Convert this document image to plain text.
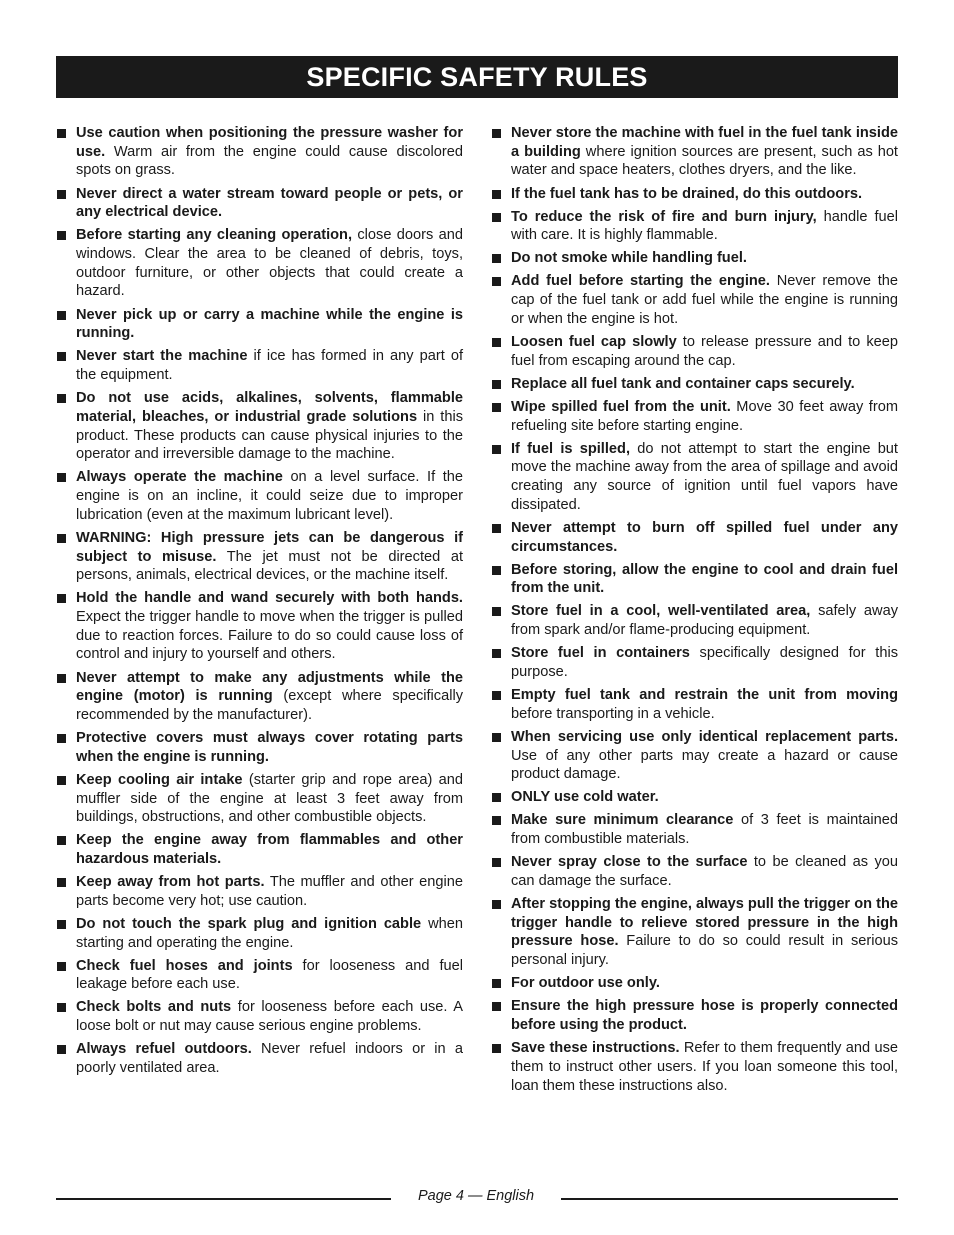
SPECIFIC SAFETY RULES
Use caution when positioning the pressure washer for use. Warm air from the engine could cause discolored spots on grass.
Never direct a water stream toward people or pets, or any electrical device.
Before starting any cleaning operation, close doors and windows. Clear the area to be cleaned of debris, toys, outdoor furniture, or other objects that could create a hazard.
Never pick up or carry a machine while the engine is running.
Never start the machine if ice has formed in any part of the equipment.
Do not use acids, alkalines, solvents, flammable material, bleaches, or industrial grade solutions in this product. These products can cause physical injuries to the operator and irreversible damage to the machine.
Always operate the machine on a level surface. If the engine is on an incline, it could seize due to improper lubrication (even at the maximum lubricant level).
WARNING: High pressure jets can be dangerous if subject to misuse. The jet must not be directed at persons, animals, electrical devices, or the machine itself.
Hold the handle and wand securely with both hands. Expect the trigger handle to move when the trigger is pulled due to reaction forces. Failure to do so could cause loss of control and injury to yourself and others.
Never attempt to make any adjustments while the engine (motor) is running (except where specifically recommended by the manufacturer).
Protective covers must always cover rotating parts when the engine is running.
Keep cooling air intake (starter grip and rope area) and muffler side of the engine at least 3 feet away from buildings, obstructions, and other combustible objects.
Keep the engine away from flammables and other hazardous materials.
Keep away from hot parts. The muffler and other engine parts become very hot; use caution.
Do not touch the spark plug and ignition cable when starting and operating the engine.
Check fuel hoses and joints for looseness and fuel leakage before each use.
Check bolts and nuts for looseness before each use. A loose bolt or nut may cause serious engine problems.
Always refuel outdoors. Never refuel indoors or in a poorly ventilated area.
Never store the machine with fuel in the fuel tank inside a building where ignition sources are present, such as hot water and space heaters, clothes dryers, and the like.
If the fuel tank has to be drained, do this outdoors.
To reduce the risk of fire and burn injury, handle fuel with care. It is highly flammable.
Do not smoke while handling fuel.
Add fuel before starting the engine. Never remove the cap of the fuel tank or add fuel while the engine is running or when the engine is hot.
Loosen fuel cap slowly to release pressure and to keep fuel from escaping around the cap.
Replace all fuel tank and container caps securely.
Wipe spilled fuel from the unit. Move 30 feet away from refueling site before starting engine.
If fuel is spilled, do not attempt to start the engine but move the machine away from the area of spillage and avoid creating any source of ignition until fuel vapors have dissipated.
Never attempt to burn off spilled fuel under any circumstances.
Before storing, allow the engine to cool and drain fuel from the unit.
Store fuel in a cool, well-ventilated area, safely away from spark and/or flame-producing equipment.
Store fuel in containers specifically designed for this purpose.
Empty fuel tank and restrain the unit from moving before transporting in a vehicle.
When servicing use only identical replacement parts. Use of any other parts may create a hazard or cause product damage.
ONLY use cold water.
Make sure minimum clearance of 3 feet is maintained from combustible materials.
Never spray close to the surface to be cleaned as you can damage the surface.
After stopping the engine, always pull the trigger on the trigger handle to relieve stored pressure in the high pressure hose. Failure to do so could result in serious personal injury.
For outdoor use only.
Ensure the high pressure hose is properly connected before using the product.
Save these instructions. Refer to them frequently and use them to instruct other users. If you loan someone this tool, loan them these instructions also.
Page 4 — English
